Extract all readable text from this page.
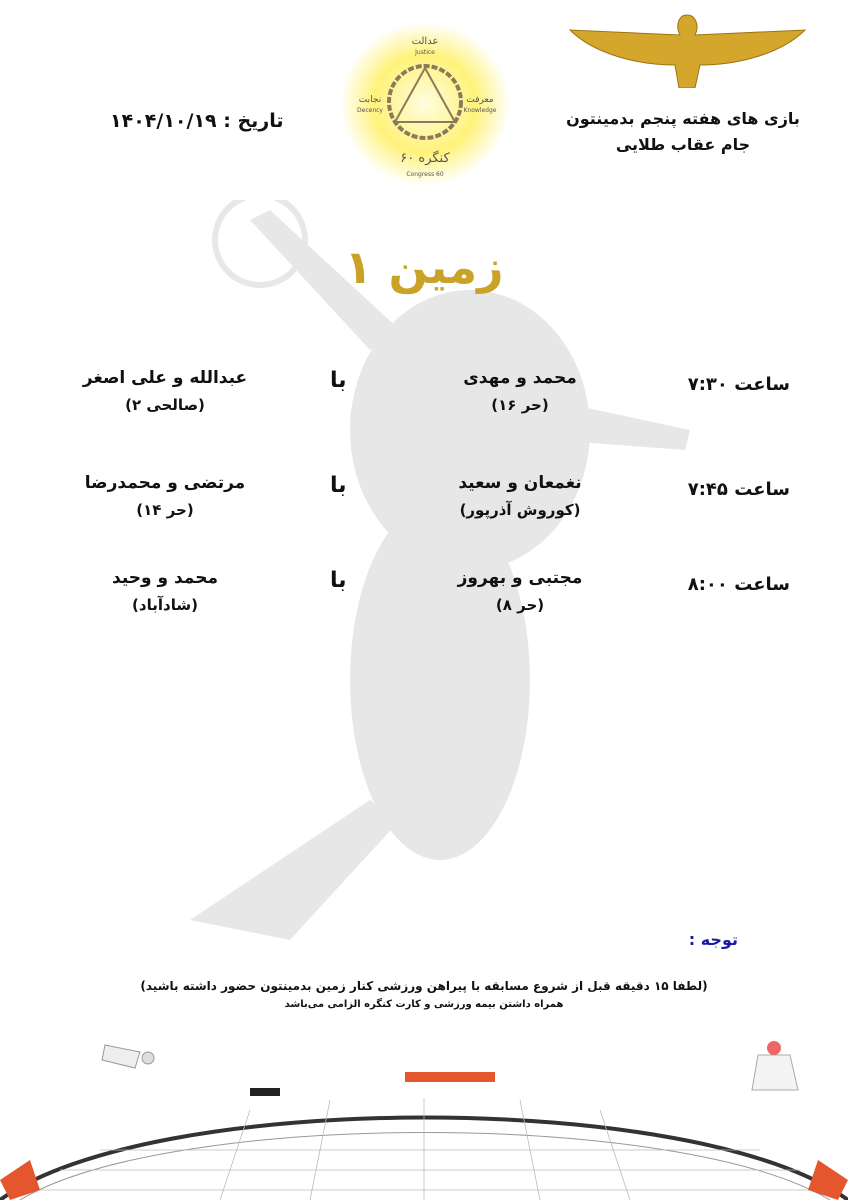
بازی های هفته پنجم بدمینتون
جام عقاب طلایی
عدالت
Justice
نجابت
Decency
معرفت
Knowledge
کنگره ۶۰
Congress 60
تاریخ : ۱۴۰۴/۱۰/۱۹
زمین ۱
ساعت ۷:۳۰
محمد و مهدی
(حر ۱۶)
با
عبدالله و علی اصغر
(صالحی ۲)
ساعت ۷:۴۵
نغمعان و سعید
(کوروش آذرپور)
با
مرتضی و محمدرضا
(حر ۱۴)
ساعت ۸:۰۰
مجتبی و بهروز
(حر ۸)
با
محمد و وحید
(شادآباد)
توجه :
(لطفا ۱۵ دقیقه قبل از شروع مسابقه با پیراهن ورزشی کنار زمین بدمینتون حضور داشته باشید)
همراه داشتن بیمه ورزشی و کارت کنگره الزامی می‌باشد
